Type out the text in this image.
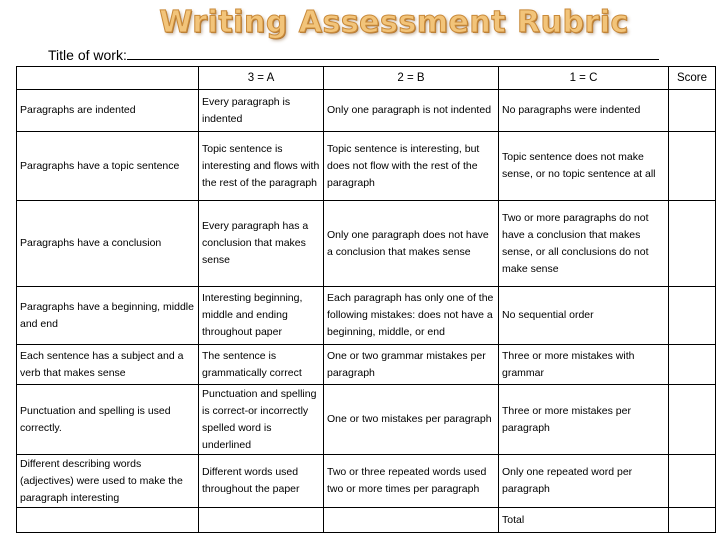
Writing Assessment Rubric
Title of work:
	3 = A	2 = B	1 = C	Score
Paragraphs are indented	Every paragraph is indented	Only one paragraph is not indented	No paragraphs were indented	
Paragraphs have a topic sentence	Topic sentence is interesting and flows with the rest of the paragraph	Topic sentence is interesting, but does not flow with the rest of the paragraph	Topic sentence does not make sense, or no topic sentence at all	
Paragraphs have a conclusion	Every paragraph has a conclusion that makes sense	Only one paragraph does not have a conclusion that makes sense	Two or more paragraphs do not have a conclusion that makes sense, or all conclusions do not make sense	
Paragraphs have a beginning, middle and end	Interesting beginning, middle and ending throughout paper	Each paragraph has only one of the following mistakes: does not have a beginning, middle, or end	No sequential order	
Each sentence has a subject and a verb that makes sense	The sentence is grammatically correct	One or two grammar mistakes per paragraph	Three or more mistakes with grammar	
Punctuation and spelling is used correctly.	Punctuation and spelling is correct-or incorrectly spelled word is underlined	One or two mistakes per paragraph	Three or more mistakes per paragraph	
Different describing words (adjectives) were used to make the paragraph interesting	Different words used throughout the paper	Two or three repeated words used two or more times per paragraph	Only one repeated word per paragraph	
			Total	
